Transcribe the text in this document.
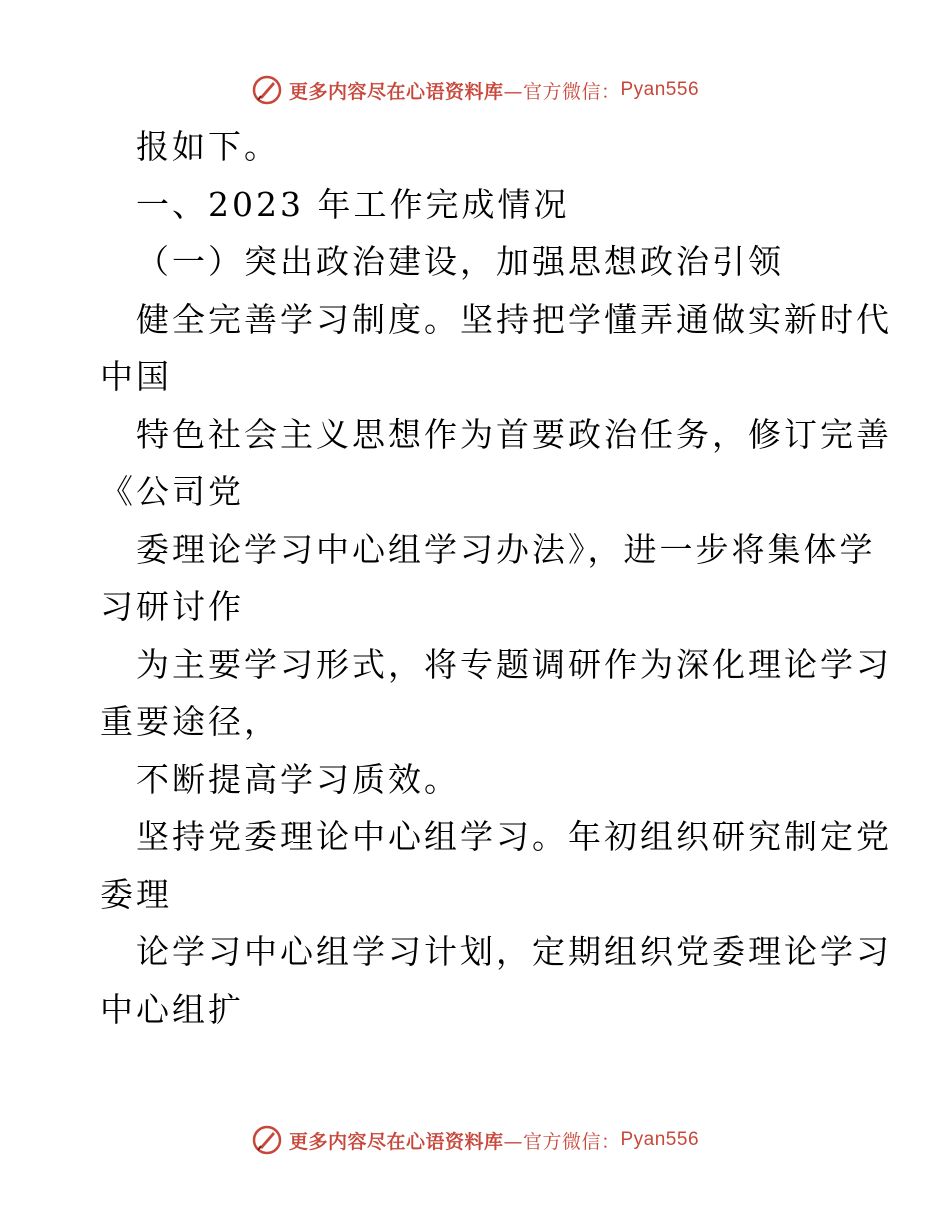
更多内容尽在心语资料库 —官方微信： Pyan556
报如下。
一、2023 年工作完成情况
（一）突出政治建设，加强思想政治引领
健全完善学习制度。坚持把学懂弄通做实新时代
中国
特色社会主义思想作为首要政治任务，修订完善
《公司党
委理论学习中心组学习办法》，进一步将集体学
习研讨作
为主要学习形式，将专题调研作为深化理论学习
重要途径，
不断提高学习质效。
坚持党委理论中心组学习。年初组织研究制定党
委理
论学习中心组学习计划，定期组织党委理论学习
中心组扩
更多内容尽在心语资料库 —官方微信： Pyan556
